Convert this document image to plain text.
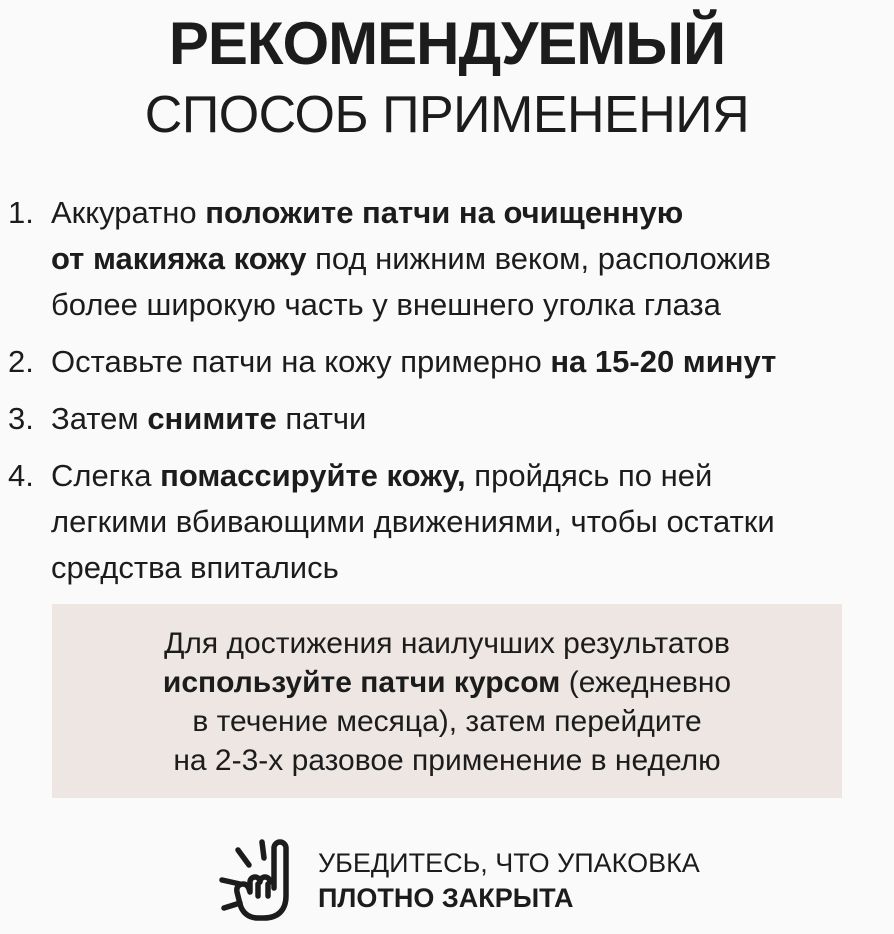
РЕКОМЕНДУЕМЫЙ
СПОСОБ ПРИМЕНЕНИЯ
1. Аккуратно положите патчи на очищенную
от макияжа кожу под нижним веком, расположив
более широкую часть у внешнего уголка глаза
2. Оставьте патчи на кожу примерно на 15-20 минут
3. Затем снимите патчи
4. Слегка помассируйте кожу, пройдясь по ней
легкими вбивающими движениями, чтобы остатки
средства впитались

Для достижения наилучших результатов
используйте патчи курсом (ежедневно
в течение месяца), затем перейдите
на 2-3-х разовое применение в неделю

УБЕДИТЕСЬ, ЧТО УПАКОВКА
ПЛОТНО ЗАКРЫТА
